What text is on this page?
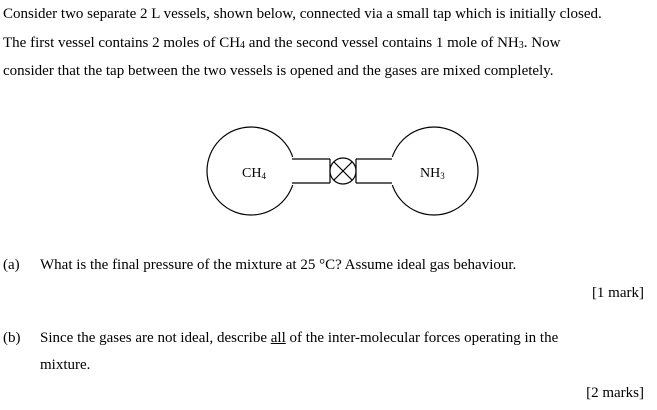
Consider two separate 2 L vessels, shown below, connected via a small tap which is initially closed.
The first vessel contains 2 moles of $CH_4$ and the second vessel contains 1 mole of $NH_3$. Now
consider that the tap between the two vessels is opened and the gases are mixed completely.
CH4	NH3
(a) What is the final pressure of the mixture at 25 °C? Assume ideal gas behaviour.
[1 mark]
(b) Since the gases are not ideal, describe all of the inter-molecular forces operating in the
mixture.
[2 marks]
